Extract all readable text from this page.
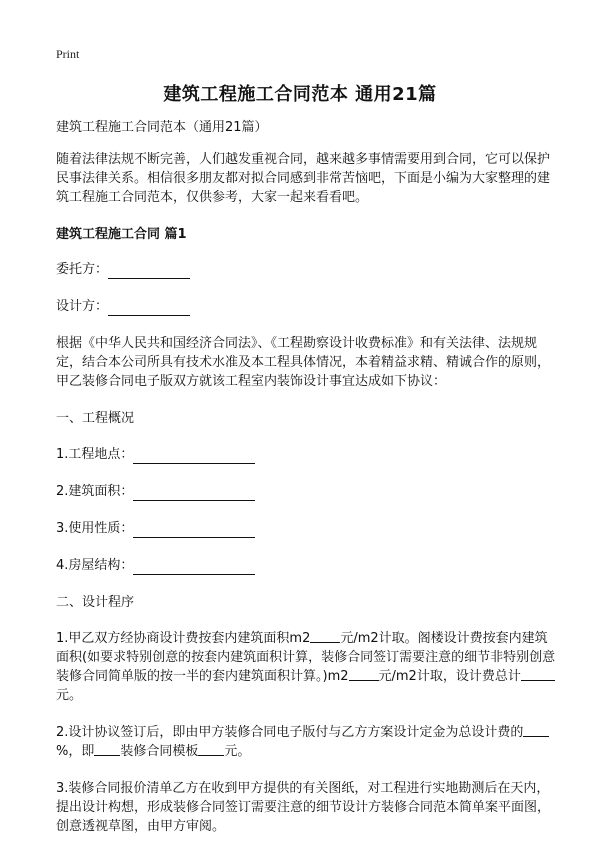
Print
建筑工程施工合同范本 通用21篇

建筑工程施工合同范本（通用21篇）

随着法律法规不断完善，人们越发重视合同，越来越多事情需要用到合同，它可以保护民事法律关系。相信很多朋友都对拟合同感到非常苦恼吧，下面是小编为大家整理的建筑工程施工合同范本，仅供参考，大家一起来看看吧。

建筑工程施工合同 篇1

委托方：
设计方：

根据《中华人民共和国经济合同法》、《工程勘察设计收费标准》和有关法律、法规规定，结合本公司所具有技术水准及本工程具体情况，本着精益求精、精诚合作的原则，甲乙装修合同电子版双方就该工程室内装饰设计事宜达成如下协议：

一、工程概况

1.工程地点：
2.建筑面积：
3.使用性质：
4.房屋结构：

二、设计程序

1.甲乙双方经协商设计费按套内建筑面积m2 元/m2计取。阁楼设计费按套内建筑面积(如要求特别创意的按套内建筑面积计算，装修合同签订需要注意的细节非特别创意装修合同简单版的按一半的套内建筑面积计算。)m2 元/m2计取，设计费总计元。

2.设计协议签订后，即由甲方装修合同电子版付与乙方方案设计定金为总设计费的%，即 装修合同模板 元。

3.装修合同报价清单乙方在收到甲方提供的有关图纸，对工程进行实地勘测后在天内，提出设计构想，形成装修合同签订需要注意的细节设计方装修合同范本简单案平面图，创意透视草图，由甲方审阅。
